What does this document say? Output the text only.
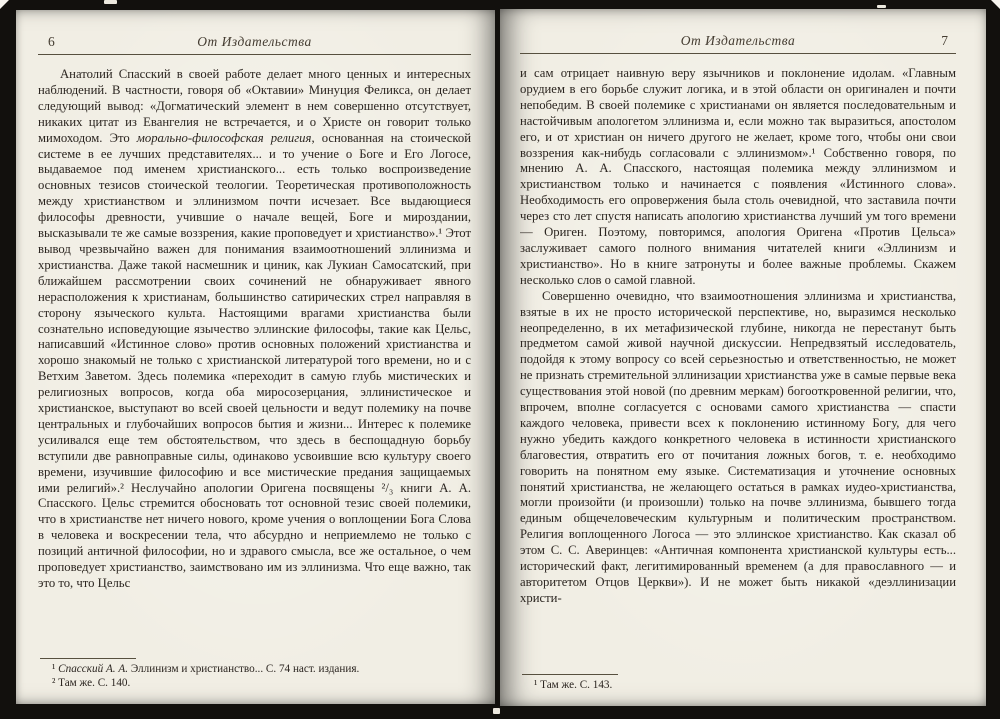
6	От Издательства

Анатолий Спасский в своей работе делает много ценных и интересных наблюдений. В частности, говоря об «Октавии» Минуция Феликса, он делает следующий вывод: «Догматический элемент в нем совершенно отсутствует, никаких цитат из Евангелия не встречается, и о Христе он говорит только мимоходом. Это морально-философская религия, основанная на стоической системе в ее лучших представителях... и то учение о Боге и Его Логосе, выдаваемое под именем христианского... есть только воспроизведение основных тезисов стоической теологии. Теоретическая противоположность между христианством и эллинизмом почти исчезает. Все выдающиеся философы древности, учившие о начале вещей, Боге и мироздании, высказывали те же самые воззрения, какие проповедует и христианство».¹ Этот вывод чрезвычайно важен для понимания взаимоотношений эллинизма и христианства. Даже такой насмешник и циник, как Лукиан Самосатский, при ближайшем рассмотрении своих сочинений не обнаруживает явного нерасположения к христианам, большинство сатирических стрел направляя в сторону языческого культа. Настоящими врагами христианства были сознательно исповедующие язычество эллинские философы, такие как Цельс, написавший «Истинное слово» против основных положений христианства и хорошо знакомый не только с христианской литературой того времени, но и с Ветхим Заветом. Здесь полемика «переходит в самую глубь мистических и религиозных вопросов, когда оба миросозерцания, эллинистическое и христианское, выступают во всей своей цельности и ведут полемику на почве центральных и глубочайших вопросов бытия и жизни... Интерес к полемике усиливался еще тем обстоятельством, что здесь в беспощадную борьбу вступили две равноправные силы, одинаково усвоившие всю культуру своего времени, изучившие философию и все мистические предания защищаемых ими религий».² Неслучайно апологии Оригена посвящены ²/₃ книги А. А. Спасского. Цельс стремится обосновать тот основной тезис своей полемики, что в христианстве нет ничего нового, кроме учения о воплощении Бога Слова в человека и воскресении тела, что абсурдно и неприемлемо не только с позиций античной философии, но и здравого смысла, все же остальное, о чем проповедует христианство, заимствовано им из эллинизма. Что еще важно, так это то, что Цельс

¹ Спасский А. А. Эллинизм и христианство... С. 74 наст. издания.

² Там же. С. 140.

От Издательства	7

и сам отрицает наивную веру язычников и поклонение идолам. «Главным орудием в его борьбе служит логика, и в этой области он оригинален и почти непобедим. В своей полемике с христианами он является последовательным и настойчивым апологетом эллинизма и, если можно так выразиться, апостолом его, и от христиан он ничего другого не желает, кроме того, чтобы они свои воззрения как-нибудь согласовали с эллинизмом».¹ Собственно говоря, по мнению А. А. Спасского, настоящая полемика между эллинизмом и христианством только и начинается с появления «Истинного слова». Необходимость его опровержения была столь очевидной, что заставила почти через сто лет спустя написать апологию христианства лучший ум того времени — Ориген. Поэтому, повторимся, апология Оригена «Против Цельса» заслуживает самого полного внимания читателей книги «Эллинизм и христианство». Но в книге затронуты и более важные проблемы. Скажем несколько слов о самой главной.

Совершенно очевидно, что взаимоотношения эллинизма и христианства, взятые в их не просто исторической перспективе, но, выразимся несколько неопределенно, в их метафизической глубине, никогда не перестанут быть предметом самой живой научной дискуссии. Непредвзятый исследователь, подойдя к этому вопросу со всей серьезностью и ответственностью, не может не признать стремительной эллинизации христианства уже в самые первые века существования этой новой (по древним меркам) богооткровенной религии, что, впрочем, вполне согласуется с основами самого христианства — спасти каждого человека, привести всех к поклонению истинному Богу, для чего нужно убедить каждого конкретного человека в истинности христианского благовестия, отвратить его от почитания ложных богов, т. е. необходимо говорить на понятном ему языке. Систематизация и уточнение основных понятий христианства, не желающего остаться в рамках иудео-христианства, могли произойти (и произошли) только на почве эллинизма, бывшего тогда единым общечеловеческим культурным и политическим пространством. Религия воплощенного Логоса — это эллинское христианство. Как сказал об этом С. С. Аверинцев: «Античная компонента христианской культуры есть... исторический факт, легитимированный временем (а для православного — и авторитетом Отцов Церкви»). И не может быть никакой «деэллинизации христи-

¹ Там же. С. 143.
